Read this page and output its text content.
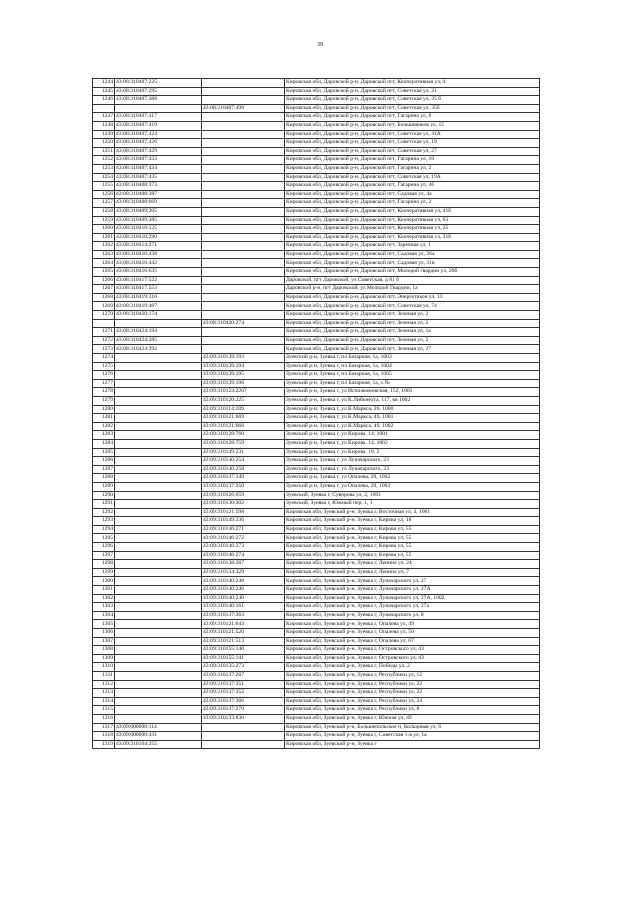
39
1244	43:08:310407:225		Кировская обл, Даровской р-н, Даровской пгт, Кооперативная ул, 4
1245	43:08:310407:295		Кировская обл, Даровской р-н, Даровской пгт, Советская ул, 21
1246	43:08:310407:388		Кировская обл, Даровской р-н, Даровской пгт, Советская ул, 35 б
		43:08:310407:498	Кировская обл, Даровской р-н, Даровской пгт, Советская ул, 35б
1247	43:08:310407:417		Кировская обл, Даровской р-н, Даровской пгт, Гагарина ул, 8
1248	43:08:310407:419		Кировская обл, Даровской р-н, Даровской пгт, Большевиков ул, 15
1249	43:08:310407:424		Кировская обл, Даровской р-н, Даровской пгт, Советская ул, 41А
1250	43:08:310407:426		Кировская обл, Даровской р-н, Даровской пгт, Советская ул, 19
1251	43:08:310407:429		Кировская обл, Даровской р-н, Даровской пгт, Советская ул, 27
1252	43:08:310407:433		Кировская обл, Даровской р-н, Даровской пгт, Гагарина ул, 10
1253	43:08:310407:434		Кировская обл, Даровской р-н, Даровской пгт, Гагарина ул, 2
1254	43:08:310407:435		Кировская обл, Даровской р-н, Даровской пгт, Советская ул, 19А
1255	43:08:310408:373		Кировская обл, Даровской р-н, Даровской пгт, Гагарина ул, 46
1256	43:08:310408:387		Кировская обл, Даровской р-н, Даровской пгт, Садовая ул, 4а
1257	43:08:310408:669		Кировская обл, Даровской р-н, Даровской пгт, Гагарина ул, 2
1258	43:08:310409:205		Кировская обл, Даровской р-н, Даровской пгт, Кооперативная ул, 41б
1259	43:08:310409:385		Кировская обл, Даровской р-н, Даровской пгт, Кооперативная ул, 63
1260	43:08:310410:125		Кировская обл, Даровской р-н, Даровской пгт, Кооперативная ул, 25
1261	43:08:310410:290		Кировская обл, Даровской р-н, Даровской пгт, Кооперативная ул, 31б
1262	43:08:310414:271		Кировская обл, Даровской р-н, Даровской пгт, Заречная ул, 1
1263	43:08:310416:438		Кировская обл, Даровской р-н, Даровской пгт, Садовая ул, 26а
1264	43:08:310416:442		Кировская обл, Даровской р-н, Даровской пгт, Садовая ул, 31в
1265	43:08:310416:635		Кировская обл, Даровской р-н, Даровской пгт, Молодой гвардии ул, 20б
1266	43:08:310417:522		Даровской, пгт Даровской, ул Советская, д 81 б
1267	43:08:310417:553		Даровской р-н, пгт Даровской, ул Молодой Гвардии, 1а
1268	43:08:310419:310		Кировская обл, Даровской р-н, Даровской пгт, Энергетиков ул, 13
1269	43:08:310419:467		Кировская обл, Даровской р-н, Даровской пгт, Советская ул, 74
1270	43:08:310420:174		Кировская обл, Даровской р-н, Даровской пгт, Зеленая ул, 2
		43:08:310420:274	Кировская обл, Даровской р-н, Даровской пгт, Зеленая ул, 2
1271	43:08:310424:194		Кировская обл, Даровской р-н, Даровской пгт, Зеленая ул, 1а
1272	43:08:310424:285		Кировская обл, Даровской р-н, Даровской пгт, Зеленая ул, 2
1273	43:08:310424:292		Кировская обл, Даровской р-н, Даровской пгт, Зеленая ул, 27
1274		43:09:310139:193	Зуевский р-н, Зуевка г, пл Базарная, 1а, 1003
1275		43:09:310139:194	Зуевский р-н, Зуевка г, пл Базарная, 1а, 1004
1276		43:09:310139:195	Зуевский р-н, Зуевка г, пл Базарная, 1а, 1005
1277		43:09:310139:196	Зуевский р-н, Зуевка г, пл Базарная, 1а, с.№
1278		43:09:310123:2207	Зуевский р-н, Зуевка г, ул Исполкомовская, 152, 1001
1279		43:09:310120:225	Зуевский р-н, Зуевка г, ул К.Либкнехта, 117, кв 1002
1280		43:09:310114:289	Зуевский р-н, Зуевка г, ул К.Маркса, 26, 1000
1281		43:09:310121:669	Зуевский р-н, Зуевка г, ул К.Маркса, 49, 1001
1282		43:09:310121:668	Зуевский р-н, Зуевка г, ул К.Маркса, 49, 1002
1283		43:09:310128:760	Зуевский р-н, Зуевка г, ул Кирова, 14, 1001
1284		43:09:310128:759	Зуевский р-н, Зуевка г, ул Кирова, 14, 1002
1285		43:09:310149:231	Зуевский р-н, Зуевка г, ул Кирова, 18, 2
1286		43:09:310140:254	Зуевский р-н, Зуевка г, ул Луначарского, 23
1287		43:09:310140:258	Зуевский р-н, Зуевка г, ул Луначарского, 23
1288		43:09:310137:349	Зуевский р-н, Зуевка г, ул Опалева, 29, 1002
1289		43:09:310137:350	Зуевский р-н, Зуевка г, ул Опалева, 29, 1003
1290		43:09:310126:659	Зуевский, Зуевка г, Суворова ул, 2, 1001
1291		43:09:310130:302	Зуевский, Зуевка г, Южный пер, 1, 1
1292		43:09:310121:598	Кировская обл, Зуевский р-н, Зуевка г, Восточная ул, 4, 1001
1293		43:09:310149:236	Кировская обл, Зуевский р-н, Зуевка г, Кирова ул, 18
1294		43:09:310146:271	Кировская обл, Зуевский р-н, Зуевка г, Кирова ул, 55
1295		43:09:310146:272	Кировская обл, Зуевский р-н, Зуевка г, Кирова ул, 55
1296		43:09:310146:273	Кировская обл, Зуевский р-н, Зуевка г, Кирова ул, 55
1297		43:09:310146:274	Кировская обл, Зуевский р-н, Зуевка г, Кирова ул, 55
1298		43:09:310138:287	Кировская обл, Зуевский р-н, Зуевка г, Ленина ул, 24
1299		43:09:310134:329	Кировская обл, Зуевский р-н, Зуевка г, Ленина ул, 7
1300		43:09:310140:248	Кировская обл, Зуевский р-н, Зуевка г, Луначарского ул, 27
1301		43:09:310140:246	Кировская обл, Зуевский р-н, Зуевка г, Луначарского ул, 27А
1302		43:09:310140:240	Кировская обл, Зуевский р-н, Зуевка г, Луначарского ул, 27А, 1002
1303		43:09:310140:161	Кировская обл, Зуевский р-н, Зуевка г, Луначарского ул, 27а
1304		43:09:310137:363	Кировская обл, Зуевский р-н, Зуевка г, Луначарского ул, 8
1305		43:09:310121:643	Кировская обл, Зуевский р-н, Зуевка г, Опалева ул, 49
1306		43:09:310121:520	Кировская обл, Зуевский р-н, Зуевка г, Опалева ул, 50
1307		43:09:310121:513	Кировская обл, Зуевский р-н, Зуевка г, Опалева ул, 67
1308		43:09:310155:140	Кировская обл, Зуевский р-н, Зуевка г, Островского ул, 43
1309		43:09:310155:141	Кировская обл, Зуевский р-н, Зуевка г, Островского ул, 43
1310		43:09:310135:273	Кировская обл, Зуевский р-н, Зуевка г, Победы ул, 2
1311		43:09:310137:287	Кировская обл, Зуевский р-н, Зуевка г, Республики ул, 12
1312		43:09:310137:351	Кировская обл, Зуевский р-н, Зуевка г, Республики ул, 22
1313		43:09:310137:352	Кировская обл, Зуевский р-н, Зуевка г, Республики ул, 22
1314		43:09:310137:366	Кировская обл, Зуевский р-н, Зуевка г, Республики ул, 24
1315		43:09:310137:370	Кировская обл, Зуевский р-н, Зуевка г, Республики ул, 8
1316		43:09:310133:830	Кировская обл, Зуевский р-н, Зуевка г, Южная ул, 49
1317	43:09:000000:114		Кировская обл, Зуевский р-н, Большепольское п, Кольцовая ул, 6
1318	43:09:000000:431		Кировская обл, Зуевский р-н, Зуевка г, Советская 1-я ул, 1а
1319	43:09:310104:255		Кировская обл, Зуевский р-н, Зуевка г
